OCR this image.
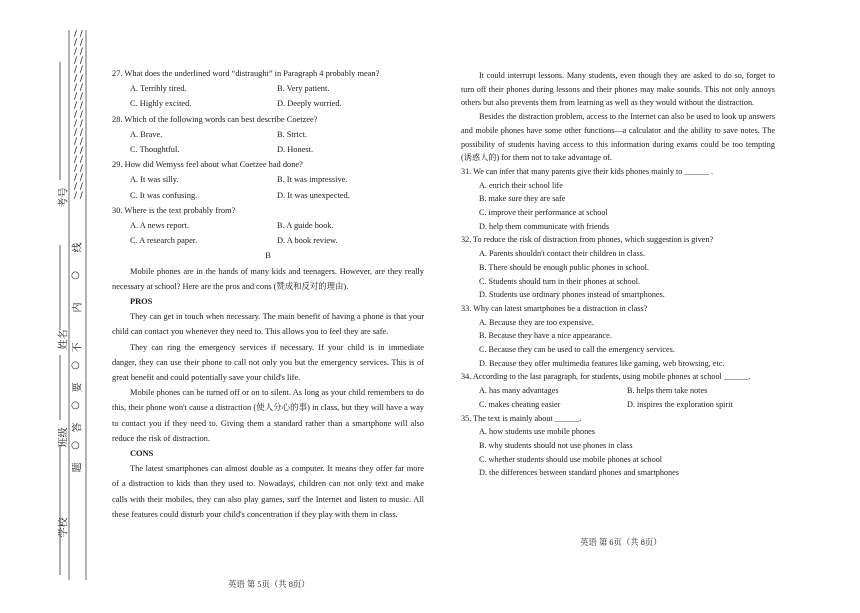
/ / / / / / / / / / / / / / / / / / / / / / / / / / / / / / / / / / / / / /
考号
姓名
班级
学校
线
内
不
要
答
题
○
○
○
○
27. What does the underlined word “distraught” in Paragraph 4 probably mean?
A. Terribly tired.	B. Very patient.
C. Highly excited.	D. Deeply worried.
28. Which of the following words can best describe Coetzee?
A. Brave.	B. Strict.
C. Thoughtful.	D. Honest.
29. How did Wemyss feel about what Coetzee had done?
A. It was silly.	B. It was impressive.
C. It was confusing.	D. It was unexpected.
30. Where is the text probably from?
A. A news report.	B. A guide book.
C. A research paper.	D. A book review.
B

Mobile phones are in the hands of many kids and teenagers. However, are they really necessary at school? Here are the pros and cons (赞成和反对的理由).

PROS

They can get in touch when necessary. The main benefit of having a phone is that your child can contact you whenever they need to. This allows you to feel they are safe.

They can ring the emergency services if necessary. If your child is in immediate danger, they can use their phone to call not only you but the emergency services. This is of great benefit and could potentially save your child's life.

Mobile phones can be turned off or on to silent. As long as your child remembers to do this, their phone won't cause a distraction (使人分心的事) in class, but they will have a way to contact you if they need to. Giving them a standard rather than a smartphone will also reduce the risk of distraction.

CONS

The latest smartphones can almost double as a computer. It means they offer far more of a distraction to kids than they used to. Nowadays, children can not only text and make calls with their mobiles, they can also play games, surf the Internet and listen to music. All these features could disturb your child's concentration if they play with them in class.

英语 第 5页（共 8页）

It could interrupt lessons. Many students, even though they are asked to do so, forget to turn off their phones during lessons and their phones may make sounds. This not only annoys others but also prevents them from learning as well as they would without the distraction.

Besides the distraction problem, access to the Internet can also be used to look up answers and mobile phones have some other functions—a calculator and the ability to save notes. The possibility of students having access to this information during exams could be too tempting (诱惑人的) for them not to take advantage of.

31. We can infer that many parents give their kids phones mainly to ______ .
A. enrich their school life
B. make sure they are safe
C. improve their performance at school
D. help them communicate with friends
32. To reduce the risk of distraction from phones, which suggestion is given?
A. Parents shouldn't contact their children in class.
B. There should be enough public phones in school.
C. Students should turn in their phones at school.
D. Students use ordinary phones instead of smartphones.
33. Why can latest smartphones be a distraction in class?
A. Because they are too expensive.
B. Because they have a nice appearance.
C. Because they can be used to call the emergency services.
D. Because they offer multimedia features like gaming, web browsing, etc.
34. According to the last paragraph, for students, using mobile phones at school ______.
A. has many advantages	B. helps them take notes
C. makes cheating easier	D. inspires the exploration spirit
35. The text is mainly about ______.
A. how students use mobile phones
B. why students should not use phones in class
C. whether students should use mobile phones at school
D. the differences between standard phones and smartphones
英语 第 6页（共 8页）
